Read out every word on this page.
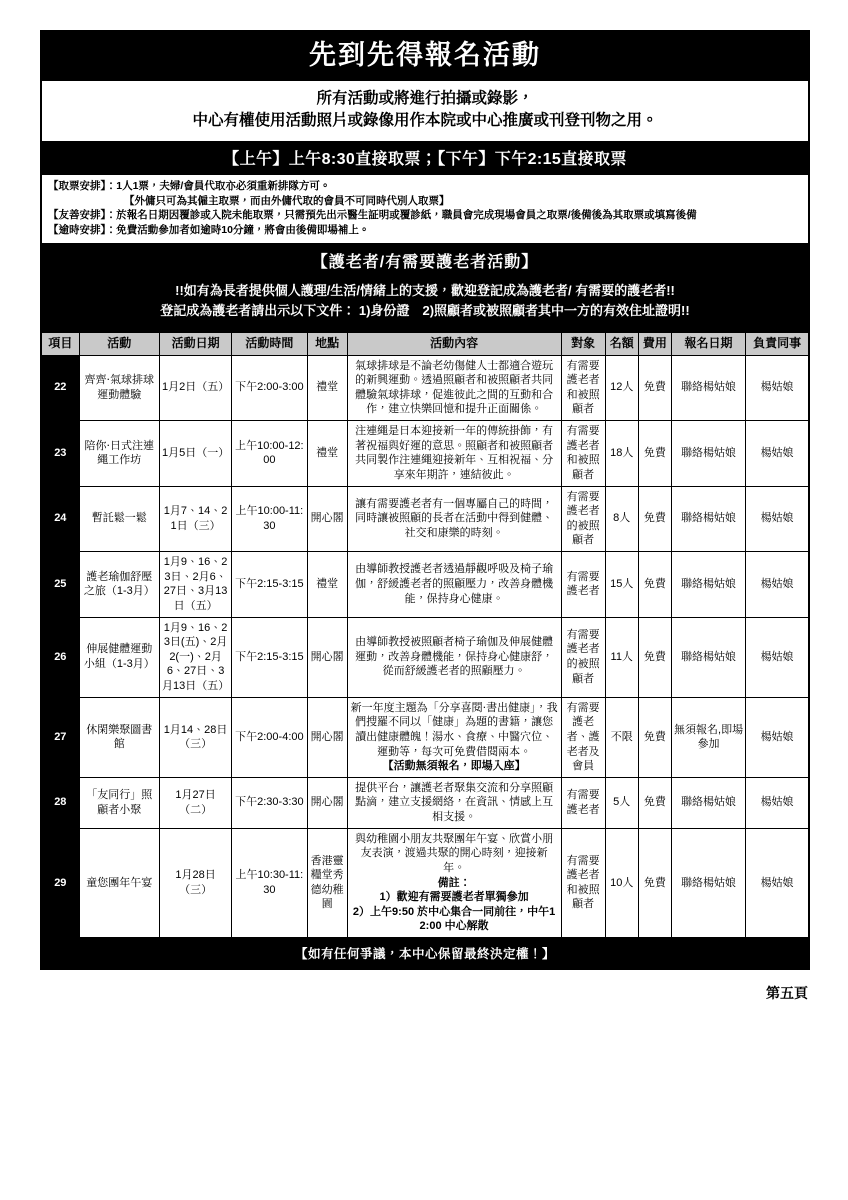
先到先得報名活動
所有活動或將進行拍攝或錄影，
中心有權使用活動照片或錄像用作本院或中心推廣或刊登刊物之用。
【上午】上午8:30直接取票；【下午】下午2:15直接取票
【取票安排】：1人1票，夫婦/會員代取亦必須重新排隊方可。
【外傭只可為其僱主取票，而由外傭代取的會員不可同時代別人取票】
【友善安排】：於報名日期因覆診或入院未能取票，只需預先出示醫生証明或覆診紙，職員會完成現場會員之取票/後備後為其取票或填寫後備
【逾時安排】：免費活動參加者如逾時10分鐘，將會由後備即場補上。
【護老者/有需要護老者活動】
!!如有為長者提供個人護理/生活/情緒上的支援，歡迎登記成為護老者/ 有需要的護老者!!
登記成為護老者請出示以下文件： 1)身份證　2)照顧者或被照顧者其中一方的有效住址證明!!
項目	活動	活動日期	活動時間	地點	活動內容	對象	名額	費用	報名日期	負責同事
22	齊齊‧氣球排球運動體驗	1月2日（五）	下午2:00-3:00	禮堂	氣球排球是不論老幼傷健人士都適合遊玩的新興運動。透過照顧者和被照顧者共同體驗氣球排球，促進彼此之間的互動和合作，建立快樂回憶和提升正面關係。	有需要護老者和被照顧者	12人	免費	聯絡楊姑娘	楊姑娘
23	陪你‧日式注連繩工作坊	1月5日（一）	上午10:00-12:00	禮堂	注連繩是日本迎接新一年的傳統掛飾，有著祝福與好運的意思。照顧者和被照顧者共同製作注連繩迎接新年、互相祝福、分享來年期許，連結彼此。	有需要護老者和被照顧者	18人	免費	聯絡楊姑娘	楊姑娘
24	暫託鬆一鬆	1月7、14、21日（三）	上午10:00-11:30	開心閣	讓有需要護老者有一個專屬自己的時間，同時讓被照顧的長者在活動中得到健體、社交和康樂的時刻。	有需要護老者的被照顧者	8人	免費	聯絡楊姑娘	楊姑娘
25	護老瑜伽舒壓之旅（1-3月）	1月9、16、23日、2月6、27日、3月13日（五）	下午2:15-3:15	禮堂	由導師教授護老者透過靜觀呼吸及椅子瑜伽，舒緩護老者的照顧壓力，改善身體機能，保持身心健康。	有需要護老者	15人	免費	聯絡楊姑娘	楊姑娘
26	伸展健體運動小組（1-3月）	1月9、16、23日(五)、2月2(一)、2月6、27日、3月13日（五）	下午2:15-3:15	開心閣	由導師教授被照顧者椅子瑜伽及伸展健體運動，改善身體機能，保持身心健康舒，從而舒緩護老者的照顧壓力。	有需要護老者的被照顧者	11人	免費	聯絡楊姑娘	楊姑娘
27	休閑樂聚圖書館	1月14、28日（三）	下午2:00-4:00	開心閣	新一年度主題為「分享喜閱‧書出健康」，我們搜羅不同以「健康」為題的書籍，讓您讀出健康體魄！湯水、食療、中醫穴位、運動等，每次可免費借閱兩本。
【活動無須報名，即場入座】	有需要護老者、護老者及會員	不限	免費	無須報名,即場參加	楊姑娘
28	「友同行」照顧者小聚	1月27日（二）	下午2:30-3:30	開心閣	提供平台，讓護老者聚集交流和分享照顧點滴，建立支援網絡，在資訊、情感上互相支援。	有需要護老者	5人	免費	聯絡楊姑娘	楊姑娘
29	童您團年午宴	1月28日（三）	上午10:30-11:30	香港靈糧堂秀德幼稚園	與幼稚園小朋友共聚團年午宴、欣賞小朋友表演，渡過共聚的開心時刻，迎接新年。
備註：
1）歡迎有需要護老者單獨參加
2）上午9:50 於中心集合一同前往，中午12:00 中心解散	有需要護老者和被照顧者	10人	免費	聯絡楊姑娘	楊姑娘
【如有任何爭議，本中心保留最終決定權！】
第五頁
